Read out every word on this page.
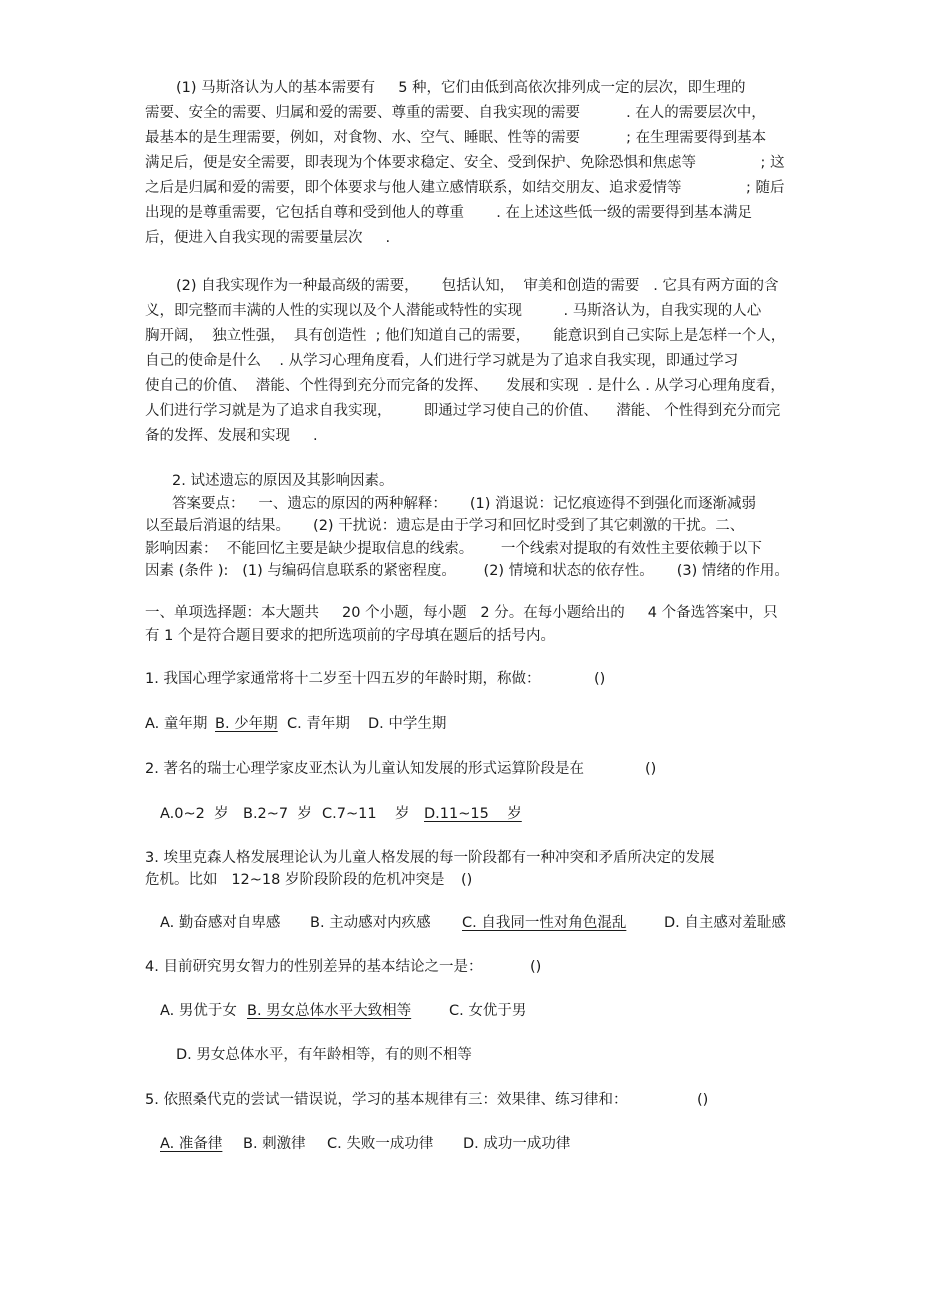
(1) 马斯洛认为人的基本需要有     5 种，它们由低到高依次排列成一定的层次，即生理的
需要、安全的需要、归属和爱的需要、尊重的需要、自我实现的需要          . 在人的需要层次中，
最基本的是生理需要，例如，对食物、水、空气、睡眠、性等的需要          ; 在生理需要得到基本
满足后，便是安全需要，即表现为个体要求稳定、安全、受到保护、免除恐惧和焦虑等              ; 这
之后是归属和爱的需要，即个体要求与他人建立感情联系，如结交朋友、追求爱情等              ; 随后
出现的是尊重需要，它包括自尊和受到他人的尊重       . 在上述这些低一级的需要得到基本满足
后，便进入自我实现的需要量层次     .
(2) 自我实现作为一种最高级的需要，     包括认知，  审美和创造的需要   . 它具有两方面的含
义，即完整而丰满的人性的实现以及个人潜能或特性的实现         . 马斯洛认为，自我实现的人心
胸开阔，  独立性强，  具有创造性  ; 他们知道自己的需要，     能意识到自己实际上是怎样一个人，
自己的使命是什么    . 从学习心理角度看，人们进行学习就是为了追求自我实现，即通过学习
使自己的价值、  潜能、个性得到充分而完备的发挥、    发展和实现  . 是什么 . 从学习心理角度看，
人们进行学习就是为了追求自我实现，       即通过学习使自己的价值、    潜能、 个性得到充分而完
备的发挥、发展和实现     .
2. 试述遗忘的原因及其影响因素。
答案要点：   一、遗忘的原因的两种解释：     (1) 消退说：记忆痕迹得不到强化而逐渐减弱
以至最后消退的结果。     (2) 干扰说：遗忘是由于学习和回忆时受到了其它刺激的干扰。二、
影响因素：  不能回忆主要是缺少提取信息的线索。      一个线索对提取的有效性主要依赖于以下
因素 (条件 ):   (1) 与编码信息联系的紧密程度。      (2) 情境和状态的依存性。     (3) 情绪的作用。
一、单项选择题：本大题共     20 个小题，每小题   2 分。在每小题给出的     4 个备选答案中，只
有 1 个是符合题目要求的把所选项前的字母填在题后的括号内。
1. 我国心理学家通常将十二岁至十四五岁的年龄时期，称做：	()
A. 童年期 B. 少年期 C. 青年期 D. 中学生期
2. 著名的瑞士心理学家皮亚杰认为儿童认知发展的形式运算阶段是在	()
A.0~2  岁 B.2~7  岁 C.7~11    岁 D.11~15    岁
3. 埃里克森人格发展理论认为儿童人格发展的每一阶段都有一种冲突和矛盾所决定的发展
危机。比如   12~18 岁阶段阶段的危机冲突是 ()
A. 勤奋感对自卑感 B. 主动感对内疚感 C. 自我同一性对角色混乱	D. 自主感对羞耻感
4. 目前研究男女智力的性别差异的基本结论之一是：	()
A. 男优于女 B. 男女总体水平大致相等	C. 女优于男
D. 男女总体水平，有年龄相等，有的则不相等
5. 依照桑代克的尝试一错误说，学习的基本规律有三：效果律、练习律和：	()
A. 准备律 B. 刺激律 C. 失败一成功律 D. 成功一成功律
